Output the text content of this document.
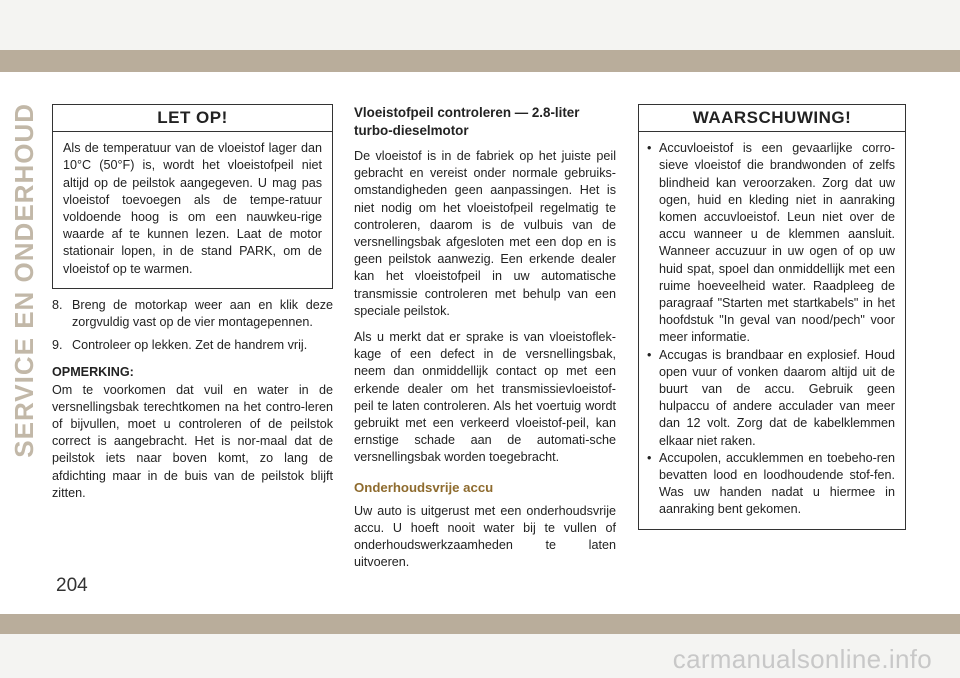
SERVICE EN ONDERHOUD	LET OP!
Als de temperatuur van de vloeistof lager dan 10°C (50°F) is, wordt het vloeistofpeil niet altijd op de peilstok aangegeven. U mag pas vloeistof toevoegen als de tempe-ratuur voldoende hoog is om een nauwkeu-rige waarde af te kunnen lezen. Laat de motor stationair lopen, in de stand PARK, om de vloeistof op te warmen.
8. Breng de motorkap weer aan en klik deze zorgvuldig vast op de vier montagepennen.
9. Controleer op lekken. Zet de handrem vrij.
OPMERKING:
Om te voorkomen dat vuil en water in de versnellingsbak terechtkomen na het contro-leren of bijvullen, moet u controleren of de peilstok correct is aangebracht. Het is nor-maal dat de peilstok iets naar boven komt, zo lang de afdichting maar in de buis van de peilstok blijft zitten.
Vloeistofpeil controleren — 2.8-liter turbo-dieselmotor
De vloeistof is in de fabriek op het juiste peil gebracht en vereist onder normale gebruiks-omstandigheden geen aanpassingen. Het is niet nodig om het vloeistofpeil regelmatig te controleren, daarom is de vulbuis van de versnellingsbak afgesloten met een dop en is geen peilstok aanwezig. Een erkende dealer kan het vloeistofpeil in uw automatische transmissie controleren met behulp van een speciale peilstok.
Als u merkt dat er sprake is van vloeistoflek-kage of een defect in de versnellingsbak, neem dan onmiddellijk contact op met een erkende dealer om het transmissievloeistof-peil te laten controleren. Als het voertuig wordt gebruikt met een verkeerd vloeistof-peil, kan ernstige schade aan de automati-sche versnellingsbak worden toegebracht.
Onderhoudsvrije accu
Uw auto is uitgerust met een onderhoudsvrije accu. U hoeft nooit water bij te vullen of onderhoudswerkzaamheden te laten uitvoeren.
WAARSCHUWING!
• Accuvloeistof is een gevaarlijke corro-sieve vloeistof die brandwonden of zelfs blindheid kan veroorzaken. Zorg dat uw ogen, huid en kleding niet in aanraking komen accuvloeistof. Leun niet over de accu wanneer u de klemmen aansluit. Wanneer accuzuur in uw ogen of op uw huid spat, spoel dan onmiddellijk met een ruime hoeveelheid water. Raadpleeg de paragraaf "Starten met startkabels" in het hoofdstuk "In geval van nood/pech" voor meer informatie.
• Accugas is brandbaar en explosief. Houd open vuur of vonken daarom altijd uit de buurt van de accu. Gebruik geen hulpaccu of andere acculader van meer dan 12 volt. Zorg dat de kabelklemmen elkaar niet raken.
• Accupolen, accuklemmen en toebeho-ren bevatten lood en loodhoudende stof-fen. Was uw handen nadat u hiermee in aanraking bent gekomen.
204
carmanualsonline.info
